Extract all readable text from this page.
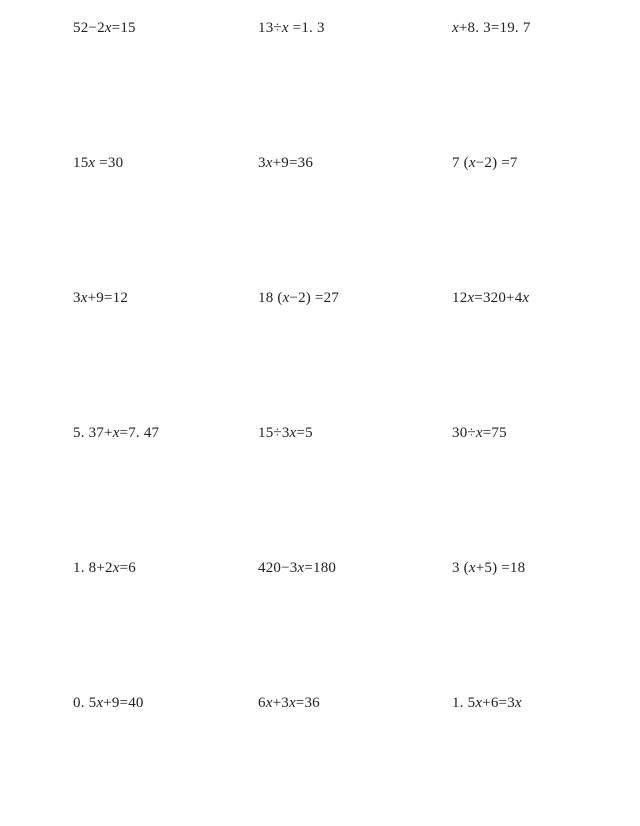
52−2x=15	13÷x =1. 3	x+8. 3=19. 7
15x =30	3x+9=36	7 (x−2) =7
3x+9=12	18 (x−2) =27	12x=320+4x
5. 37+x=7. 47	15÷3x=5	30÷x=75
1. 8+2x=6	420−3x=180	3 (x+5) =18
0. 5x+9=40	6x+3x=36	1. 5x+6=3x
